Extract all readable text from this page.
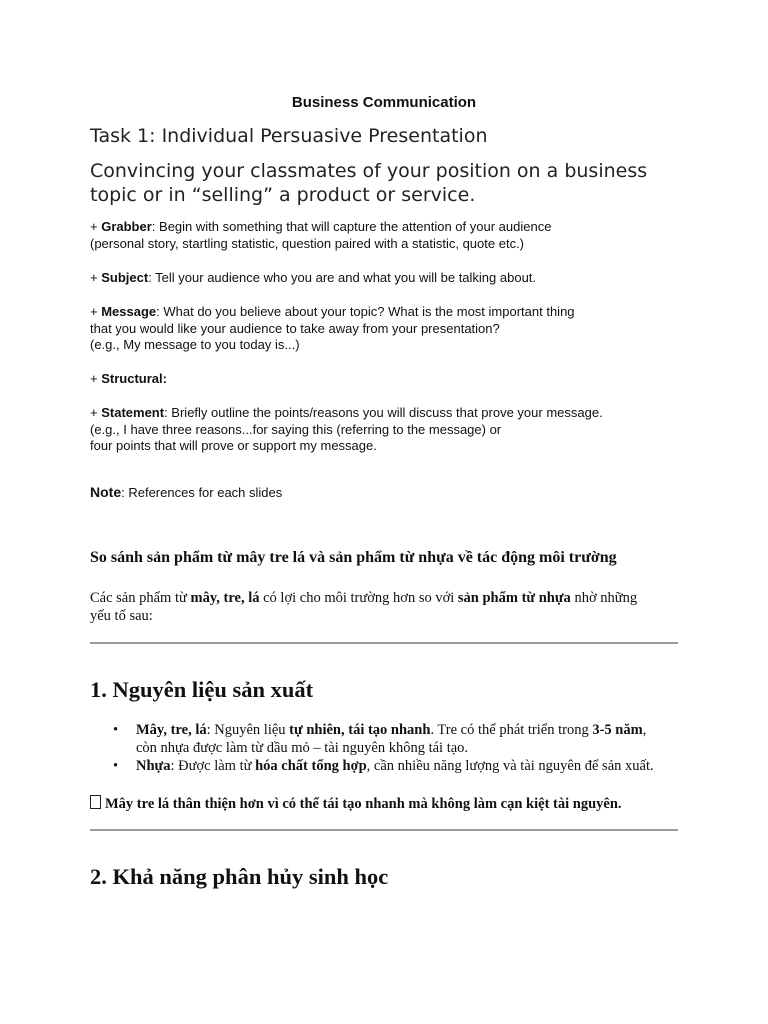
Business Communication
Task 1: Individual Persuasive Presentation
Convincing your classmates of your position on a business topic or in “selling” a product or service.
+ Grabber: Begin with something that will capture the attention of your audience
(personal story, startling statistic, question paired with a statistic, quote etc.)
+ Subject: Tell your audience who you are and what you will be talking about.
+ Message: What do you believe about your topic? What is the most important thing
that you would like your audience to take away from your presentation?
(e.g., My message to you today is...)
+ Structural:
+ Statement: Briefly outline the points/reasons you will discuss that prove your message.
(e.g., I have three reasons...for saying this (referring to the message) or
four points that will prove or support my message.
Note: References for each slides
So sánh sản phẩm từ mây tre lá và sản phẩm từ nhựa về tác động môi trường
Các sản phẩm từ mây, tre, lá có lợi cho môi trường hơn so với sản phẩm từ nhựa nhờ những
yếu tố sau:
1. Nguyên liệu sản xuất
• Mây, tre, lá: Nguyên liệu tự nhiên, tái tạo nhanh. Tre có thể phát triển trong 3-5 năm,
còn nhựa được làm từ dầu mỏ – tài nguyên không tái tạo.
• Nhựa: Được làm từ hóa chất tổng hợp, cần nhiều năng lượng và tài nguyên để sản xuất.
Mây tre lá thân thiện hơn vì có thể tái tạo nhanh mà không làm cạn kiệt tài nguyên.
2. Khả năng phân hủy sinh học
